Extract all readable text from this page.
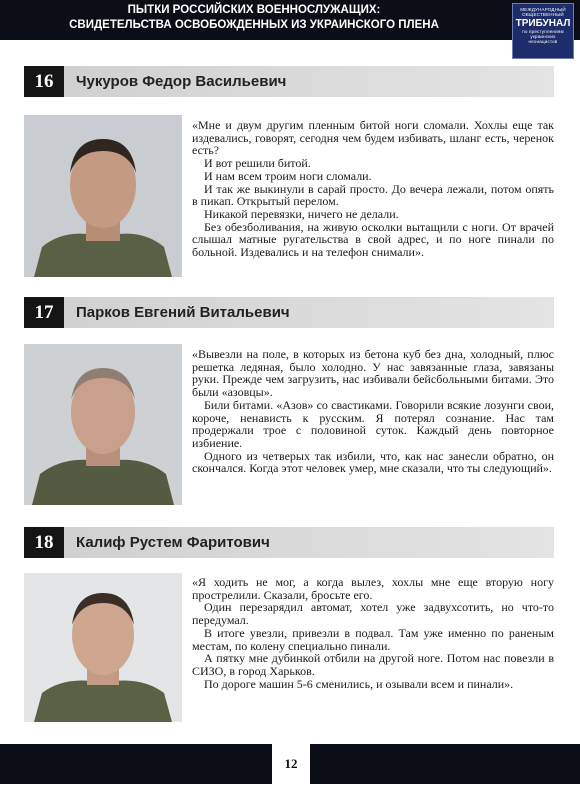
ПЫТКИ РОССИЙСКИХ ВОЕННОСЛУЖАЩИХ:
СВИДЕТЕЛЬСТВА ОСВОБОЖДЕННЫХ ИЗ УКРАИНСКОГО ПЛЕНА
МЕЖДУНАРОДНЫЙ
ОБЩЕСТВЕННЫЙ
ТРИБУНАЛ
по преступлениям
украинских
неонацистов
16	Чукуров Федор Васильевич

«Мне и двум другим пленным битой ноги сломали. Хохлы еще так издевались, говорят, сегодня чем будем избивать, шланг есть, черенок есть?

И вот решили битой.

И нам всем троим ноги сломали.

И так же выкинули в сарай просто. До вечера лежали, потом опять в пикап. Открытый перелом.

Никакой перевязки, ничего не делали.

Без обезболивания, на живую осколки вытащили с ноги. От врачей слышал матные ругательства в свой адрес, и по ноге пинали по больной. Издевались и на телефон снимали».

17	Парков Евгений Витальевич

«Вывезли на поле, в которых из бетона куб без дна, холодный, плюс решетка ледяная, было холодно. У нас завязанные глаза, завязаны руки. Прежде чем загрузить, нас избивали бейсбольными битами. Это были «азовцы».

Били битами. «Азов» со свастиками. Говорили всякие лозунги свои, короче, ненависть к русским. Я потерял сознание. Нас там продержали трое с половиной суток. Каждый день повторное избиение.

Одного из четверых так избили, что, как нас занесли обратно, он скончался. Когда этот человек умер, мне сказали, что ты следующий».

18	Калиф Рустем Фаритович

«Я ходить не мог, а когда вылез, хохлы мне еще вторую ногу прострелили. Сказали, бросьте его.

Один перезарядил автомат, хотел уже задвухсотить, но что-то передумал.

В итоге увезли, привезли в подвал. Там уже именно по раненым местам, по колену специально пинали.

А пятку мне дубинкой отбили на другой ноге. Потом нас повезли в СИЗО, в город Харьков.

По дороге машин 5-6 сменились, и озывали всем и пинали».

12
